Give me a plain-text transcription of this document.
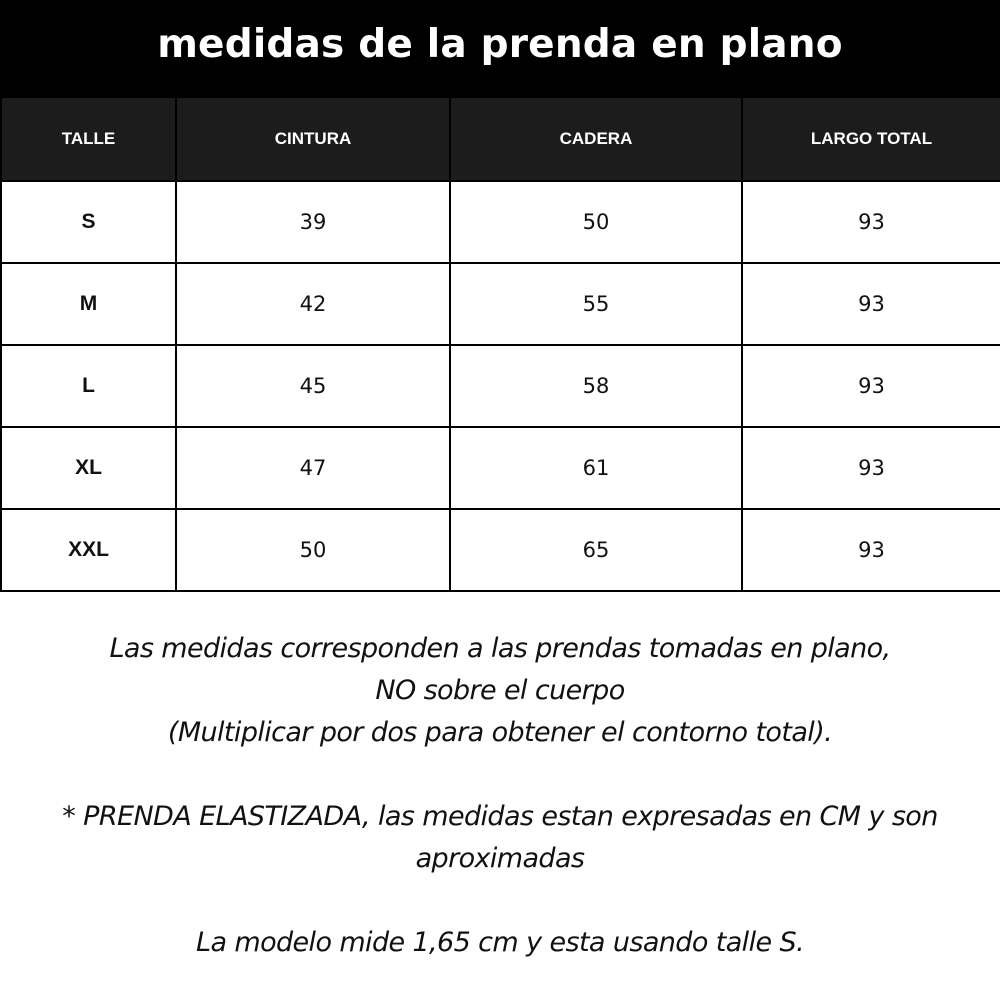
medidas de la prenda en plano
TALLE	CINTURA	CADERA	LARGO TOTAL
S	39	50	93
M	42	55	93
L	45	58	93
XL	47	61	93
XXL	50	65	93

Las medidas corresponden a las prendas tomadas en plano,

NO sobre el cuerpo

(Multiplicar por dos para obtener el contorno total).

* PRENDA ELASTIZADA, las medidas estan expresadas en CM y son

aproximadas

La modelo mide 1,65 cm y esta usando talle S.
